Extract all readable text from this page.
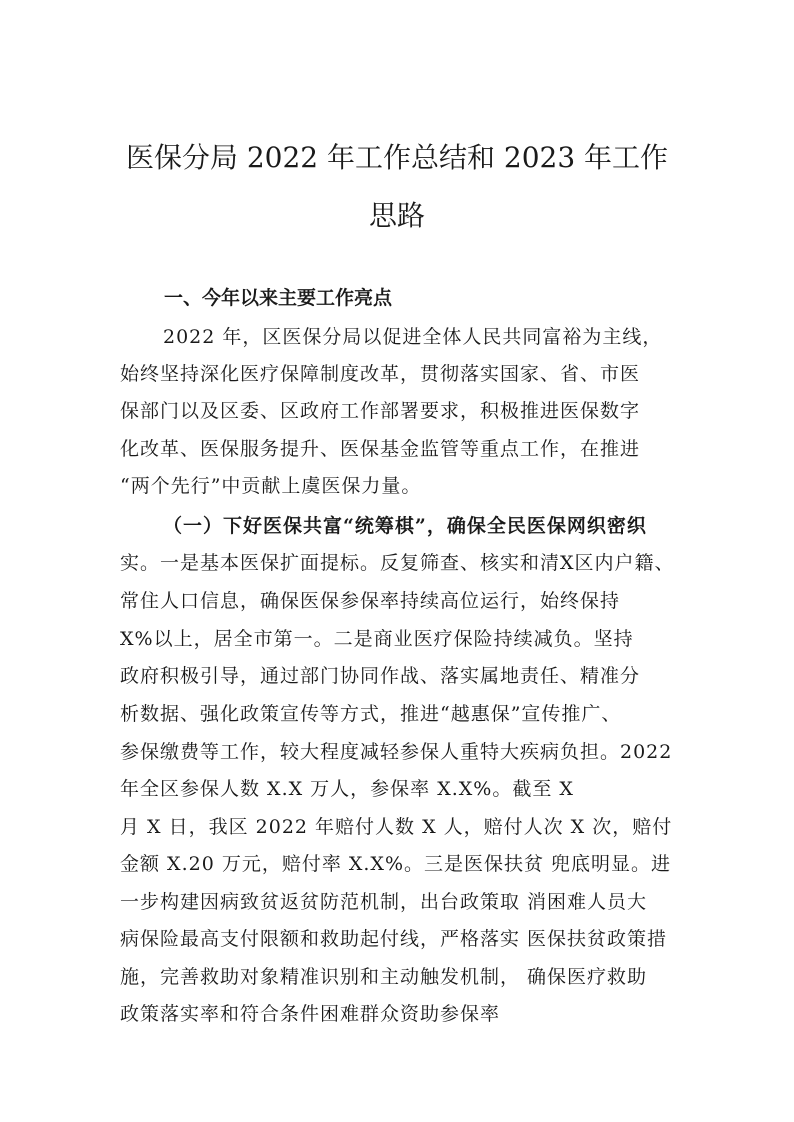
医保分局 2022 年工作总结和 2023 年工作
思路
一、今年以来主要工作亮点
2022 年，区医保分局以促进全体人民共同富裕为主线，
始终坚持深化医疗保障制度改革，贯彻落实国家、省、市医
保部门以及区委、区政府工作部署要求，积极推进医保数字
化改革、医保服务提升、医保基金监管等重点工作，在推进
“两个先行”中贡献上虞医保力量。
（一）下好医保共富“统筹棋”，确保全民医保网织密织
实。一是基本医保扩面提标。反复筛查、核实和清X区内户籍、
常住人口信息，确保医保参保率持续高位运行，始终保持
X%以上，居全市第一。二是商业医疗保险持续减负。坚持
政府积极引导，通过部门协同作战、落实属地责任、精准分
析数据、强化政策宣传等方式，推进“越惠保”宣传推广、
参保缴费等工作，较大程度减轻参保人重特大疾病负担。2022
年全区参保人数 X.X 万人，参保率 X.X%。截至 X
月 X 日，我区 2022 年赔付人数 X 人，赔付人次 X 次，赔付
金额 X.20 万元，赔付率 X.X%。三是医保扶贫 兜底明显。进
一步构建因病致贫返贫防范机制，出台政策取 消困难人员大
病保险最高支付限额和救助起付线，严格落实 医保扶贫政策措
施，完善救助对象精准识别和主动触发机制， 确保医疗救助
政策落实率和符合条件困难群众资助参保率
